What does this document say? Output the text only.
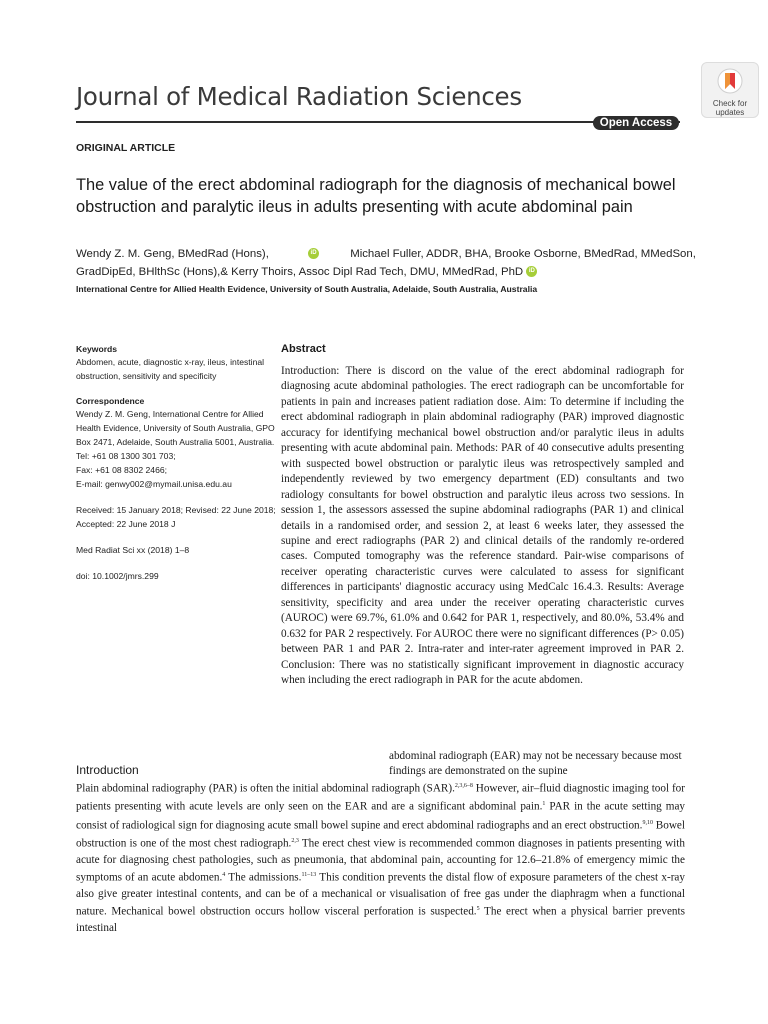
Journal of Medical Radiation Sciences
Open Access
Check for
updates
ORIGINAL ARTICLE
The value of the erect abdominal radiograph for the diagnosis of mechanical bowel obstruction and paralytic ileus in adults presenting with acute abdominal pain
Wendy Z. M. Geng, BMedRad (Hons),	iD	Michael Fuller, ADDR, BHA, Brooke Osborne, BMedRad, MMedSon, GradDipEd, BHlthSc (Hons),& Kerry Thoirs, Assoc Dipl Rad Tech, DMU, MMedRad, PhD iD
International Centre for Allied Health Evidence, University of South Australia, Adelaide, South Australia, Australia
Keywords
Abdomen, acute, diagnostic x-ray, ileus, intestinal obstruction, sensitivity and specificity
Correspondence
Wendy Z. M. Geng, International Centre for Allied Health Evidence, University of South Australia, GPO Box 2471, Adelaide, South Australia 5001, Australia.
Tel: +61 08 1300 301 703;
Fax: +61 08 8302 2466;
E-mail: genwy002@mymail.unisa.edu.au
Received: 15 January 2018; Revised: 22 June 2018; Accepted: 22 June 2018 J
Med Radiat Sci xx (2018) 1–8
doi: 10.1002/jmrs.299
Abstract
Introduction: There is discord on the value of the erect abdominal radiograph for diagnosing acute abdominal pathologies. The erect radiograph can be uncomfortable for patients in pain and increases patient radiation dose. Aim: To determine if including the erect abdominal radiograph in plain abdominal radiography (PAR) improved diagnostic accuracy for identifying mechanical bowel obstruction and/or paralytic ileus in adults presenting with acute abdominal pain. Methods: PAR of 40 consecutive adults presenting with suspected bowel obstruction or paralytic ileus was retrospectively sampled and independently reviewed by two emergency department (ED) consultants and two radiology consultants for bowel obstruction and paralytic ileus across two sessions. In session 1, the assessors assessed the supine abdominal radiographs (PAR 1) and clinical details in a randomised order, and session 2, at least 6 weeks later, they assessed the supine and erect radiographs (PAR 2) and clinical details of the randomly re-ordered cases. Computed tomography was the reference standard. Pair-wise comparisons of receiver operating characteristic curves were calculated to assess for significant differences in participants' diagnostic accuracy using MedCalc 16.4.3. Results: Average sensitivity, specificity and area under the receiver operating characteristic curves (AUROC) were 69.7%, 61.0% and 0.642 for PAR 1, respectively, and 80.0%, 53.4% and 0.632 for PAR 2 respectively. For AUROC there were no significant differences (P> 0.05) between PAR 1 and PAR 2. Intra-rater and inter-rater agreement improved in PAR 2. Conclusion: There was no statistically significant improvement in diagnostic accuracy when including the erect radiograph in PAR for the acute abdomen.
abdominal radiograph (EAR) may not be necessary because most findings are demonstrated on the supine
Introduction
Plain abdominal radiography (PAR) is often the initial abdominal radiograph (SAR).$^{2,3,6-8}$ However, air–fluid diagnostic imaging tool for patients presenting with acute levels are only seen on the EAR and are a significant abdominal pain.$^1$ PAR in the acute setting may consist of radiological sign for diagnosing acute small bowel supine and erect abdominal radiographs and an erect obstruction.$^{9,10}$ Bowel obstruction is one of the most chest radiograph.$^{2,3}$ The erect chest view is recommended common diagnoses in patients presenting with acute for diagnosing chest pathologies, such as pneumonia, that abdominal pain, accounting for 12.6–21.8% of emergency mimic the symptoms of an acute abdomen.$^4$ The admissions.$^{11-13}$ This condition prevents the distal flow of exposure parameters of the chest x-ray also give greater intestinal contents, and can be of a mechanical or visualisation of free gas under the diaphragm when a functional nature. Mechanical bowel obstruction occurs hollow visceral perforation is suspected.$^5$ The erect when a physical barrier prevents intestinal
